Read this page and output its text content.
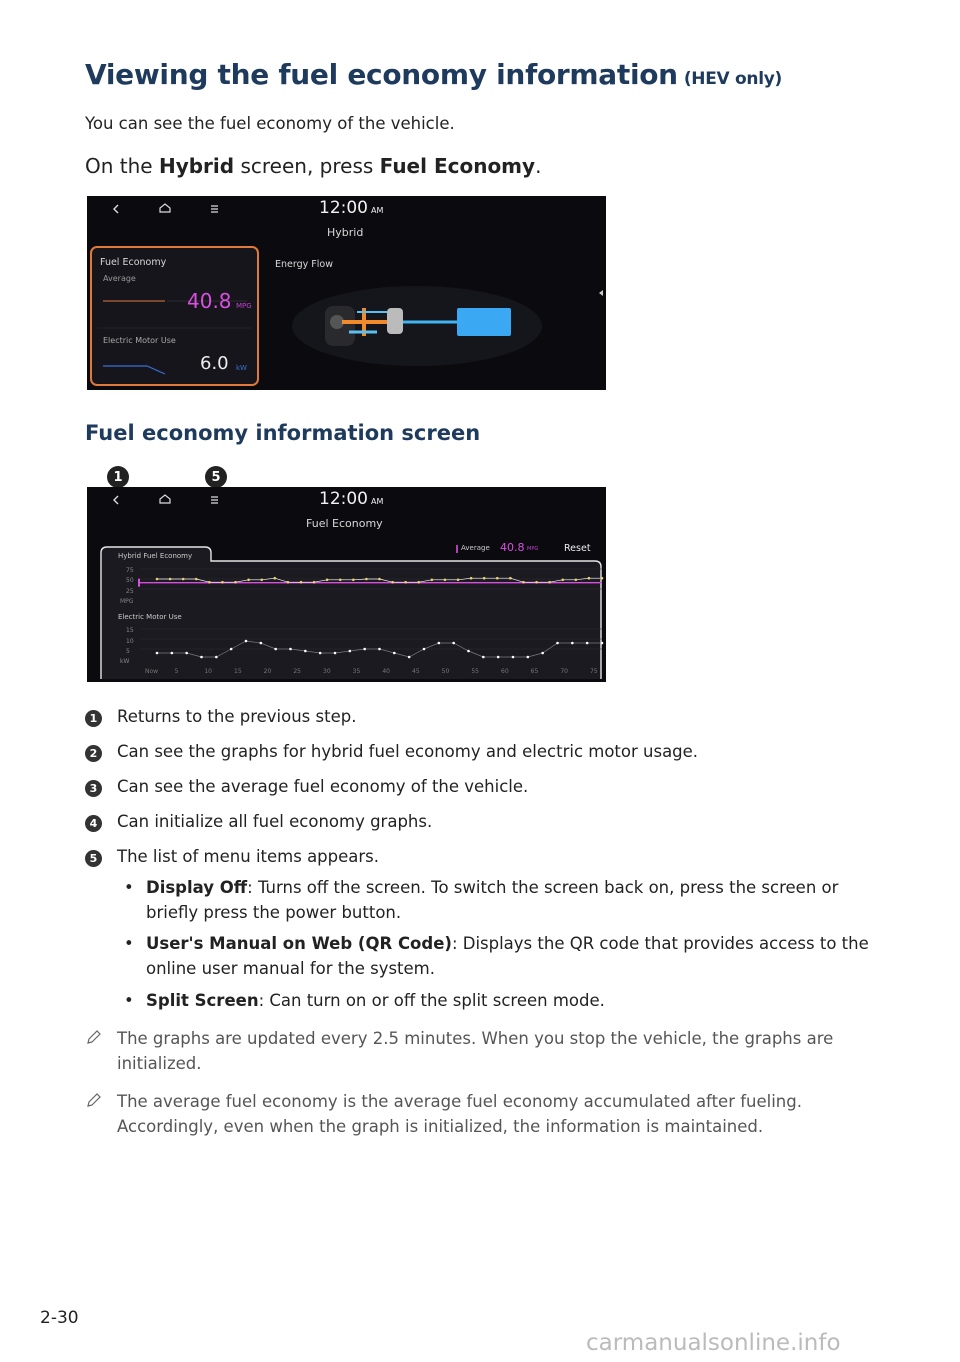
Viewing the fuel economy information (HEV only)
You can see the fuel economy of the vehicle.
On the Hybrid screen, press Fuel Economy.
12:00 AM
Hybrid
Fuel Economy
Average
40.8 MPG
Electric Motor Use
6.0 kW
Energy Flow
Fuel economy information screen
1	5
12:00 AM
Fuel Economy
Average 40.8 MPG	Reset
Hybrid Fuel Economy
Electric Motor Use
75
50
25
MPG
15
10
5
kW
Now	5	10	15	20	25	30	35	40	45	50	55	60	65	70	75
1 Returns to the previous step.
2 Can see the graphs for hybrid fuel economy and electric motor usage.
3 Can see the average fuel economy of the vehicle.
4 Can initialize all fuel economy graphs.
5 The list of menu items appears.
• Display Off: Turns off the screen. To switch the screen back on, press the screen or briefly press the power button.
• User's Manual on Web (QR Code): Displays the QR code that provides access to the online user manual for the system.
• Split Screen: Can turn on or off the split screen mode.
The graphs are updated every 2.5 minutes. When you stop the vehicle, the graphs are initialized.
The average fuel economy is the average fuel economy accumulated after fueling. Accordingly, even when the graph is initialized, the information is maintained.
2-30
carmanualsonline.info
